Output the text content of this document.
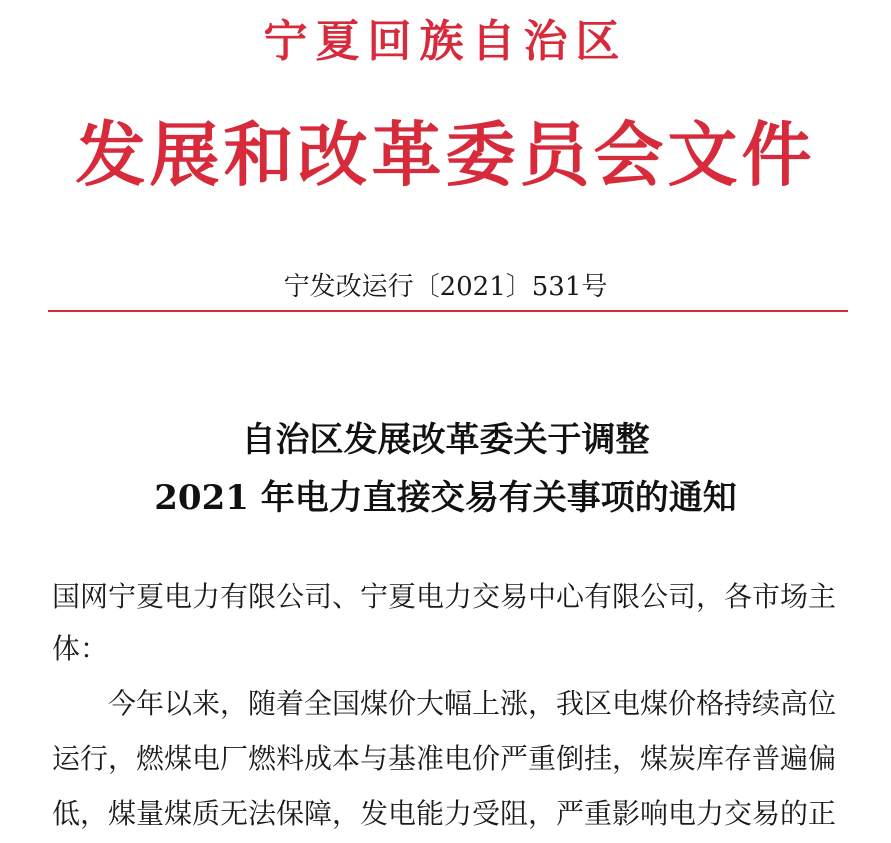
宁夏回族自治区
发展和改革委员会文件
宁发改运行〔2021〕531号
自治区发展改革委关于调整
2021 年电力直接交易有关事项的通知
国网宁夏电力有限公司、宁夏电力交易中心有限公司，各市场主
体：
今年以来，随着全国煤价大幅上涨，我区电煤价格持续高位
运行，燃煤电厂燃料成本与基准电价严重倒挂，煤炭库存普遍偏
低，煤量煤质无法保障，发电能力受阻，严重影响电力交易的正
